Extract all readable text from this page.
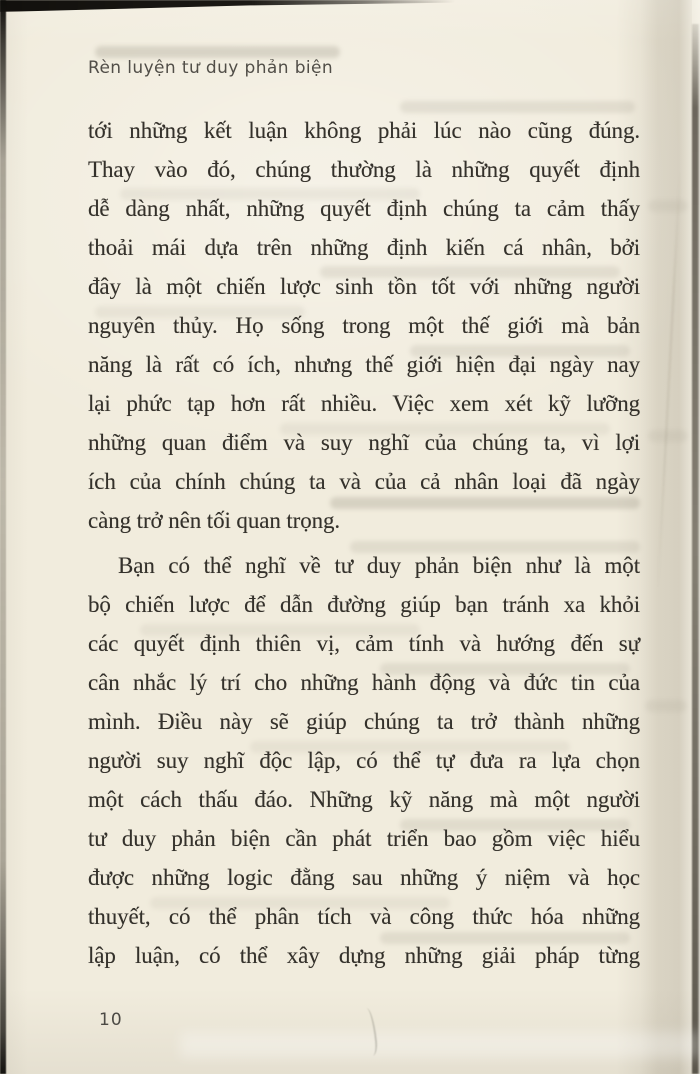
Rèn luyện tư duy phản biện
tới những kết luận không phải lúc nào cũng đúng.
Thay vào đó, chúng thường là những quyết định
dễ dàng nhất, những quyết định chúng ta cảm thấy
thoải mái dựa trên những định kiến cá nhân, bởi
đây là một chiến lược sinh tồn tốt với những người
nguyên thủy. Họ sống trong một thế giới mà bản
năng là rất có ích, nhưng thế giới hiện đại ngày nay
lại phức tạp hơn rất nhiều. Việc xem xét kỹ lưỡng
những quan điểm và suy nghĩ của chúng ta, vì lợi
ích của chính chúng ta và của cả nhân loại đã ngày
càng trở nên tối quan trọng.
Bạn có thể nghĩ về tư duy phản biện như là một
bộ chiến lược để dẫn đường giúp bạn tránh xa khỏi
các quyết định thiên vị, cảm tính và hướng đến sự
cân nhắc lý trí cho những hành động và đức tin của
mình. Điều này sẽ giúp chúng ta trở thành những
người suy nghĩ độc lập, có thể tự đưa ra lựa chọn
một cách thấu đáo. Những kỹ năng mà một người
tư duy phản biện cần phát triển bao gồm việc hiểu
được những logic đằng sau những ý niệm và học
thuyết, có thể phân tích và công thức hóa những
lập luận, có thể xây dựng những giải pháp từng
10
